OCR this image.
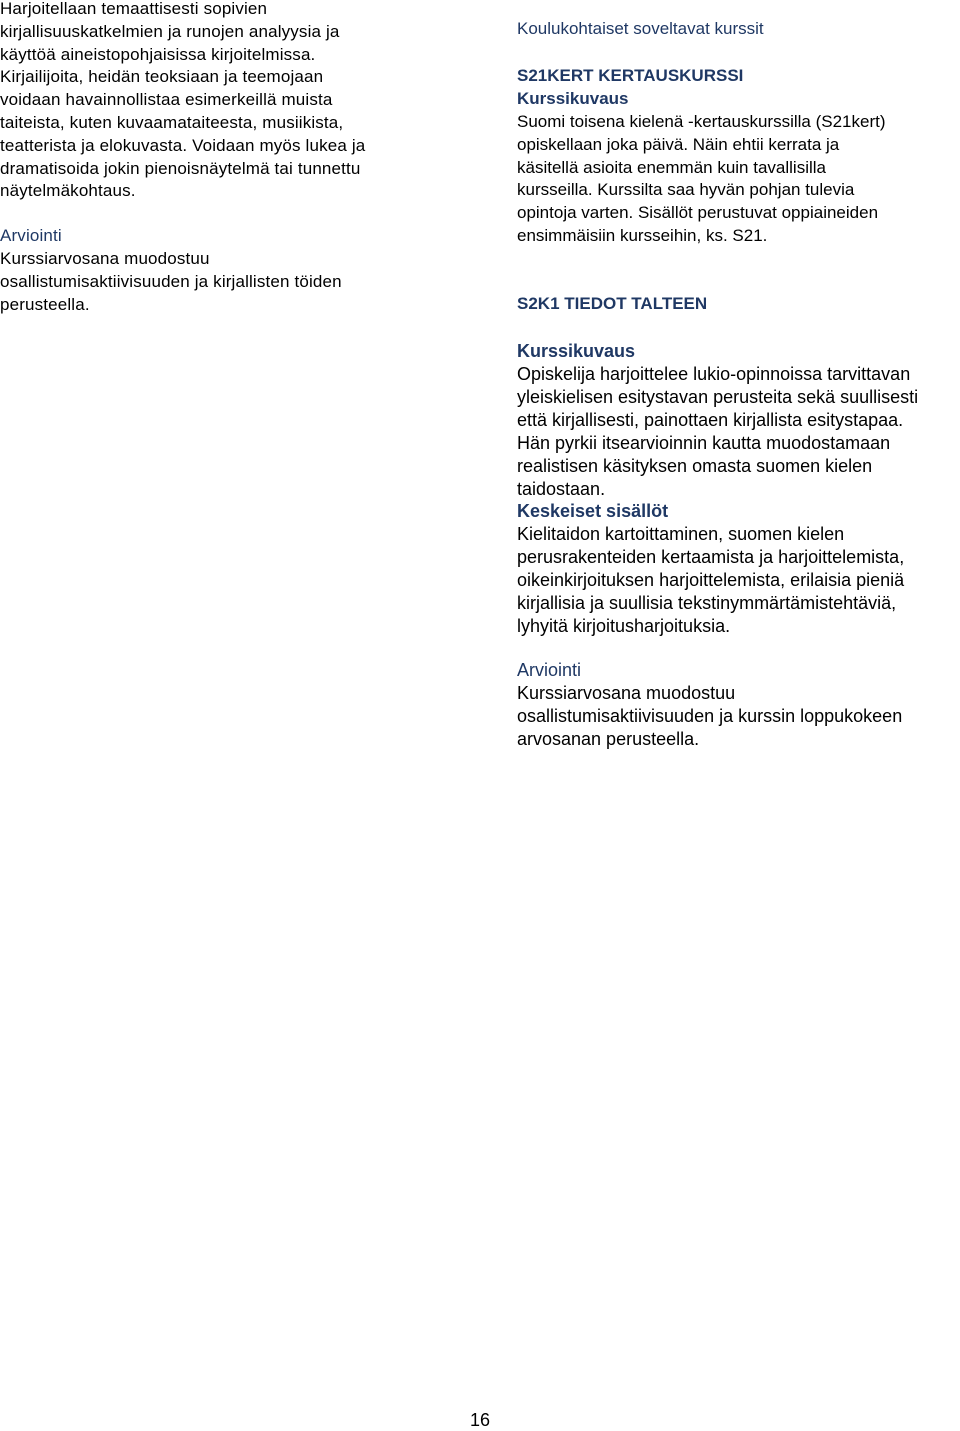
Harjoitellaan temaattisesti sopivien
kirjallisuuskatkelmien ja runojen analyysia ja
käyttöä aineistopohjaisissa kirjoitelmissa.
Kirjailijoita, heidän teoksiaan ja teemojaan
voidaan havainnollistaa esimerkeillä muista
taiteista, kuten kuvaamataiteesta, musiikista,
teatterista ja elokuvasta. Voidaan myös lukea ja
dramatisoida jokin pienoisnäytelmä tai tunnettu
näytelmäkohtaus.

Arviointi

Kurssiarvosana muodostuu
osallistumisaktiivisuuden ja kirjallisten töiden
perusteella.

Koulukohtaiset soveltavat kurssit

S21KERT KERTAUSKURSSI

Kurssikuvaus

Suomi toisena kielenä -kertauskurssilla (S21kert)
opiskellaan joka päivä. Näin ehtii kerrata ja
käsitellä asioita enemmän kuin tavallisilla
kursseilla. Kurssilta saa hyvän pohjan tulevia
opintoja varten. Sisällöt perustuvat oppiaineiden
ensimmäisiin kursseihin, ks. S21.

S2K1 TIEDOT TALTEEN

Kurssikuvaus

Opiskelija harjoittelee lukio-opinnoissa tarvittavan
yleiskielisen esitystavan perusteita sekä suullisesti
että kirjallisesti, painottaen kirjallista esitystapaa.
Hän pyrkii itsearvioinnin kautta muodostamaan
realistisen käsityksen omasta suomen kielen
taidostaan.

Keskeiset sisällöt

Kielitaidon kartoittaminen, suomen kielen
perusrakenteiden kertaamista ja harjoittelemista,
oikeinkirjoituksen harjoittelemista, erilaisia pieniä
kirjallisia ja suullisia tekstinymmärtämistehtäviä,
lyhyitä kirjoitusharjoituksia.

Arviointi

Kurssiarvosana muodostuu
osallistumisaktiivisuuden ja kurssin loppukokeen
arvosanan perusteella.

16
